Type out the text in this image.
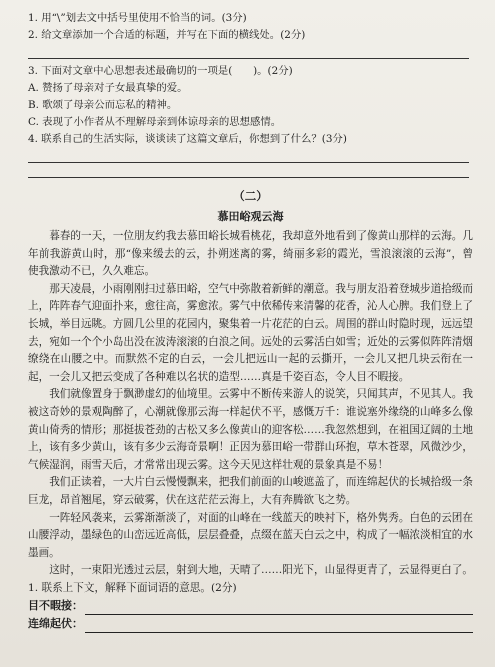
1. 用“\”划去文中括号里使用不恰当的词。(3分)
2. 给文章添加一个合适的标题，并写在下面的横线处。(2分)
3. 下面对文章中心思想表述最确切的一项是(　　)。(2分)
A. 赞扬了母亲对子女最真挚的爱。
B. 歌颂了母亲公而忘私的精神。
C. 表现了小作者从不理解母亲到体谅母亲的思想感情。
4. 联系自己的生活实际，谈谈读了这篇文章后，你想到了什么？(3分)
（二）
慕田峪观云海

暮春的一天，一位朋友约我去慕田峪长城看桃花，我却意外地看到了像黄山那样的云海。几年前我游黄山时，那“像来缓去的云，扑朔迷离的雾，绮丽多彩的霞光，雪浪滚滚的云海”，曾使我激动不已，久久难忘。

那天凌晨，小雨刚刚扫过慕田峪，空气中弥散着新鲜的潮意。我与朋友沿着登城步道拾级而上，阵阵春气迎面扑来，愈往高，雾愈浓。雾气中依稀传来清馨的花香，沁人心脾。我们登上了长城，举目远眺。方圆几公里的花园内，聚集着一片花茫的白云。周围的群山时隐时现，远远望去，宛如一个个小岛出没在波涛滚滚的白浪之间。远处的云雾活白如雪；近处的云雾似阵阵清烟缭绕在山腰之中。而默然不定的白云，一会儿把远山一起的云撕开，一会儿又把几块云衔在一起，一会儿又把云变成了各种难以名状的造型……真是千姿百态，令人目不暇接。

我们就像置身于飘渺虚幻的仙境里。云雾中不断传来游人的说笑，只闻其声，不见其人。我被这奇妙的景观陶醉了，心潮就像那云海一样起伏不平，感慨万千：谁说塞外缘绕的山峰多么像黄山倚秀的情形；那挺拔苍劲的古松又多么像黄山的迎客松……我忽然想到，在祖国辽阔的土地上，该有多少黄山，该有多少云海奇景啊！正因为慕田峪一带群山环抱，草木苍翠，风微沙少，气候湿润，雨雪天后，才常常出现云雾。这今天见这样壮观的景象真是不易！

我们正读着，一大片白云慢慢飘来，把我们前面的山峻遮盖了，而连绵起伏的长城拾级一条巨龙，昂首翘尾，穿云破雾，伏在这茫茫云海上，大有奔腾欲飞之势。

一阵轻风袭来，云雾渐渐淡了，对面的山峰在一线蓝天的映衬下，格外隽秀。白色的云团在山腰浮动，墨绿色的山峦远近高低，层层叠叠，点缀在蓝天白云之中，构成了一幅浓淡相宜的水墨画。

这时，一束阳光透过云层，射到大地，天晴了……阳光下，山显得更青了，云显得更白了。

1. 联系上下文，解释下面词语的意思。(2分)
目不暇接：
连绵起伏：
